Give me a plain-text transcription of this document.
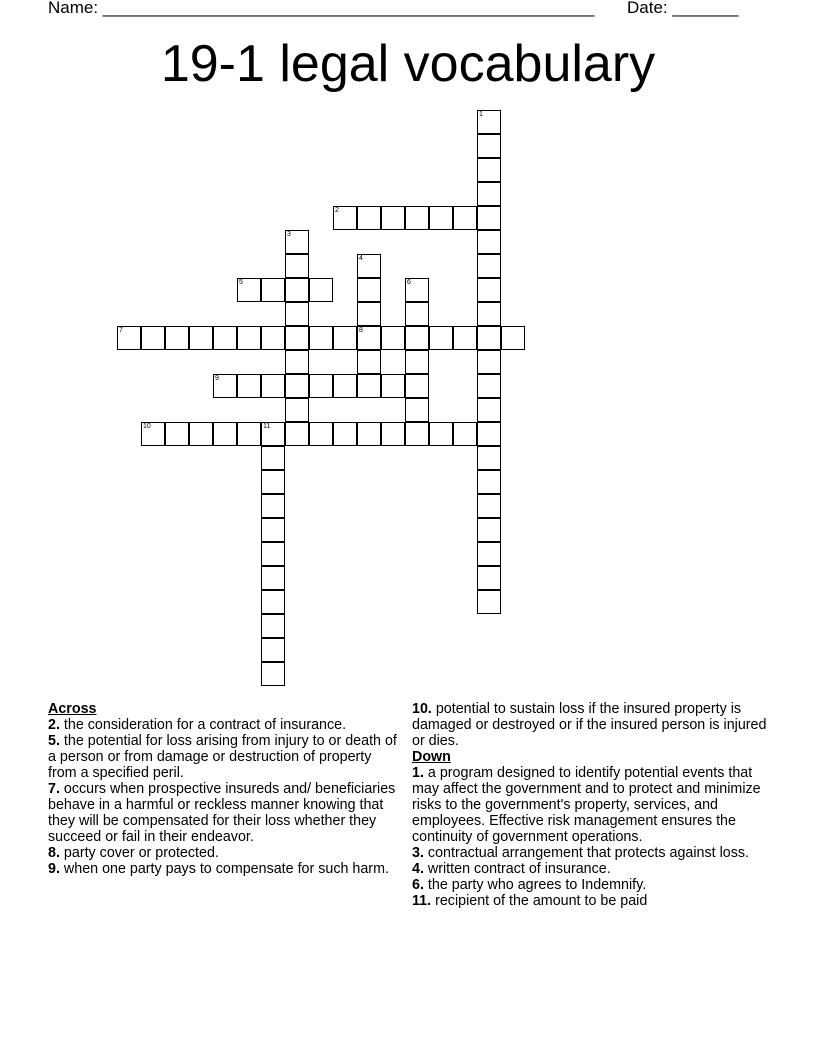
Name: ____________________________________________________ Date: _______
19-1 legal vocabulary
1
2
3
4
8
5	6
7
9
10	11
Across

2. the consideration for a contract of insurance.

5. the potential for loss arising from injury to or death of a person or from damage or destruction of property from a specified peril.

7. occurs when prospective insureds and/ beneficiaries behave in a harmful or reckless manner knowing that they will be compensated for their loss whether they succeed or fail in their endeavor.

8. party cover or protected.

9. when one party pays to compensate for such harm.

10. potential to sustain loss if the insured property is damaged or destroyed or if the insured person is injured or dies.

Down

1. a program designed to identify potential events that may affect the government and to protect and minimize risks to the government's property, services, and employees. Effective risk management ensures the continuity of government operations.

3. contractual arrangement that protects against loss.

4. written contract of insurance.

6. the party who agrees to Indemnify.

11. recipient of the amount to be paid
